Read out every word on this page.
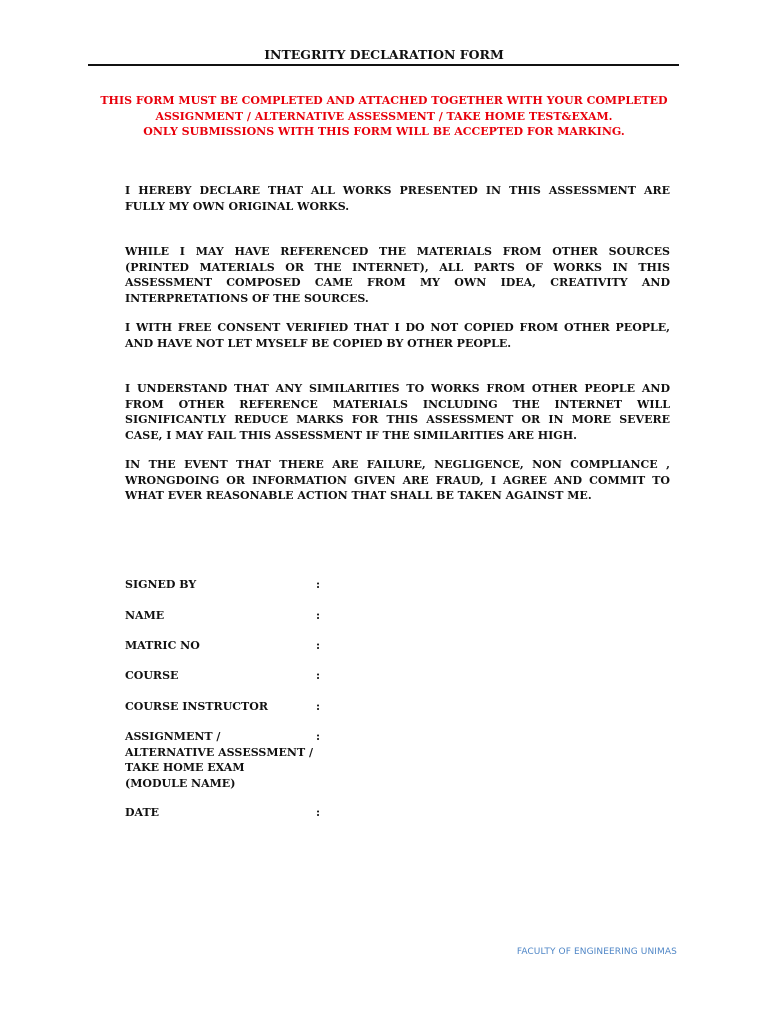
INTEGRITY DECLARATION FORM
THIS FORM MUST BE COMPLETED AND ATTACHED TOGETHER WITH YOUR COMPLETED
ASSIGNMENT / ALTERNATIVE ASSESSMENT / TAKE HOME TEST&EXAM.
ONLY SUBMISSIONS WITH THIS FORM WILL BE ACCEPTED FOR MARKING.
I HEREBY DECLARE THAT ALL WORKS PRESENTED IN THIS ASSESSMENT ARE FULLY MY OWN ORIGINAL WORKS.
WHILE I MAY HAVE REFERENCED THE MATERIALS FROM OTHER SOURCES (PRINTED MATERIALS OR THE INTERNET), ALL PARTS OF WORKS IN THIS ASSESSMENT COMPOSED CAME FROM MY OWN IDEA, CREATIVITY AND INTERPRETATIONS OF THE SOURCES.
I WITH FREE CONSENT VERIFIED THAT I DO NOT COPIED FROM OTHER PEOPLE, AND HAVE NOT LET MYSELF BE COPIED BY OTHER PEOPLE.
I UNDERSTAND THAT ANY SIMILARITIES TO WORKS FROM OTHER PEOPLE AND FROM OTHER REFERENCE MATERIALS INCLUDING THE INTERNET WILL SIGNIFICANTLY REDUCE MARKS FOR THIS ASSESSMENT OR IN MORE SEVERE CASE, I MAY FAIL THIS ASSESSMENT IF THE SIMILARITIES ARE HIGH.
IN THE EVENT THAT THERE ARE FAILURE, NEGLIGENCE, NON COMPLIANCE , WRONGDOING OR INFORMATION GIVEN ARE FRAUD, I AGREE AND COMMIT TO WHAT EVER REASONABLE ACTION THAT SHALL BE TAKEN AGAINST ME.
SIGNED BY	:
NAME	:
MATRIC NO	:
COURSE	:
COURSE INSTRUCTOR	:
ASSIGNMENT /
ALTERNATIVE ASSESSMENT /
TAKE HOME EXAM
(MODULE NAME)
:
DATE	:
FACULTY OF ENGINEERING UNIMAS
